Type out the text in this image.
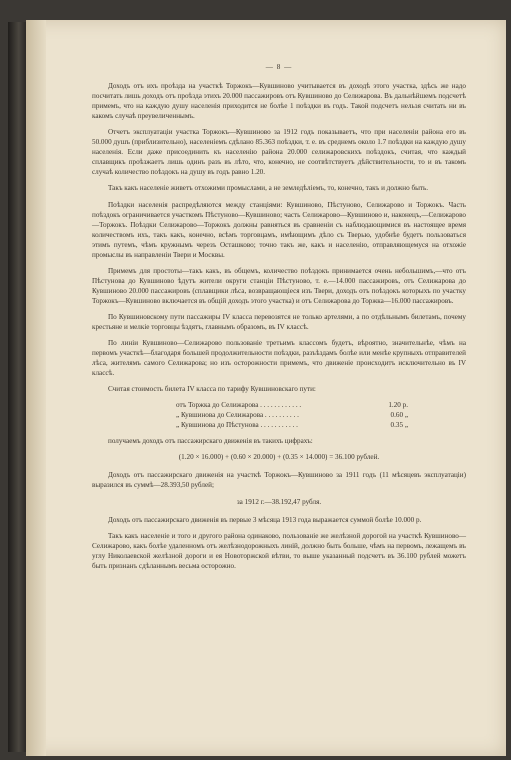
— 8 —

Доходъ отъ ихъ проѣзда на участкѣ Торжокъ—Кувшиново учитывается въ доходѣ этого участка, здѣсь же надо посчитать лишь доходъ отъ проѣзда этихъ 20.000 пассажировъ отъ Кувшиново до Селижарова. Въ дальнѣйшемъ подсчетѣ примемъ, что на каждую душу населенія приходится не болѣе 1 поѣздки въ годъ. Такой подсчетъ нельзя считать ни въ какомъ случаѣ преувеличеннымъ.

Отчетъ эксплуатаціи участка Торжокъ—Кувшиново за 1912 годъ показываетъ, что при населеніи района его въ 50.000 душъ (приблизительно), населеніемъ сдѣлано 85.363 поѣздки, т. е. въ среднемъ около 1.7 поѣздки на каждую душу населенія. Если даже присоединить къ населенію района 20.000 селижаровскихъ поѣздокъ, считая, что каждый сплавщикъ проѣзжаетъ лишь одинъ разъ въ лѣто, что, конечно, не соотвѣтствуетъ дѣйствительности, то и въ такомъ случаѣ количество поѣздокъ на душу въ годъ равно 1.20.

Такъ какъ населеніе живетъ отхожими промыслами, а не земледѣліемъ, то, конечно, такъ и должно быть.

Поѣздки населенія распредѣляются между станціями: Кувшиново, Пѣстуново, Селижарово и Торжокъ. Часть поѣздокъ ограничивается участкомъ Пѣстуново—Кувшиново; часть Селижарово—Кувшиново и, наконецъ,—Селижарово—Торжокъ. Поѣздки Селижарово—Торжокъ должны равняться въ сравненіи съ наблюдающимися въ настоящее время количествомъ ихъ, такъ какъ, конечно, всѣмъ торговцамъ, имѣющимъ дѣло съ Тверью, удобнѣе будетъ пользоваться этимъ путемъ, чѣмъ кружнымъ черезъ Осташково; точно такъ же, какъ и населенію, отправляющемуся на отхожіе промыслы въ направленіи Твери и Москвы.

Примемъ для простоты—такъ какъ, въ общемъ, количество поѣздокъ принимается очень небольшимъ,—что отъ Пѣстунова до Кувшиново ѣдутъ жители округи станціи Пѣстуново, т. е.—14.000 пассажировъ, отъ Селижарова до Кувшиново 20.000 пассажировъ (сплавщики лѣса, возвращающіеся изъ Твери, доходъ отъ поѣздокъ которыхъ по участку Торжокъ—Кувшиново включается въ общій доходъ этого участка) и отъ Селижарова до Торжка—16.000 пассажировъ.

По Кувшиновскому пути пассажиры IV класса перевозятся не только артелями, а по отдѣльнымъ билетамъ, почему крестьяне и мелкіе торговцы ѣздятъ, главнымъ образомъ, въ IV классѣ.

По линіи Кувшиново—Селижарово пользованіе третьимъ классомъ будетъ, вѣроятно, значительнѣе, чѣмъ на первомъ участкѣ—благодаря большей продолжительности поѣздки, разъѣздамъ болѣе или менѣе крупныхъ отправителей лѣса, жителямъ самого Селижарова; но изъ осторожности примемъ, что движеніе происходитъ исключительно въ IV классѣ.

Считая стоимость билета IV класса по тарифу Кувшиновскаго пути:

отъ Торжка до Селижарова . . . . . . . . . . . .	1.20 р.
„ Кувшинова до Селижарова . . . . . . . . . .	0.60 „
„ Кувшинова до Пѣстунова . . . . . . . . . . .	0.35 „

получаемъ доходъ отъ пассажирскаго движенія въ такихъ цифрахъ:

(1.20 × 16.000) + (0.60 × 20.000) + (0.35 × 14.000) = 36.100 рублей.

Доходъ отъ пассажирскаго движенія на участкѣ Торжокъ—Кувшиново за 1911 годъ (11 мѣсяцевъ эксплуатаціи) выразился въ суммѣ—28.393,50 рублей;

за 1912 г.—38.192,47 рубля.

Доходъ отъ пассажирскаго движенія въ первые 3 мѣсяца 1913 года выражается суммой болѣе 10.000 р.

Такъ какъ населеніе и того и другого района одинаково, пользованіе же желѣзной дорогой на участкѣ Кувшиново—Селижарово, какъ болѣе удаленномъ отъ желѣзнодорожныхъ линій, должно быть больше, чѣмъ на первомъ, лежащемъ въ углу Николаевской желѣзной дороги и ея Новоторжской вѣтви, то выше указанный подсчетъ въ 36.100 рублей можетъ быть признанъ сдѣланнымъ весьма осторожно.
